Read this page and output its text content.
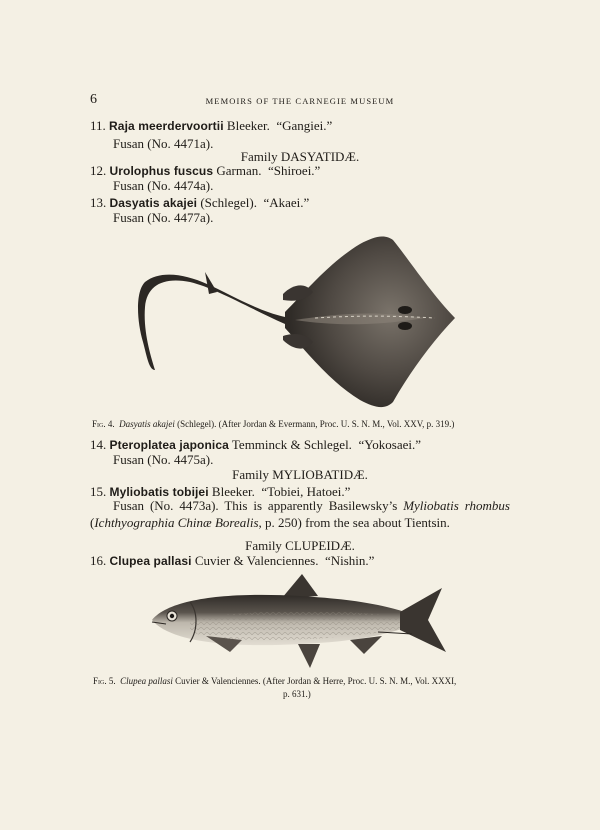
6	MEMOIRS OF THE CARNEGIE MUSEUM
11. Raja meerdervoortii Bleeker. “Gangiei.”
Fusan (No. 4471a).
Family DASYATIDÆ.
12. Urolophus fuscus Garman. “Shiroei.”
Fusan (No. 4474a).
13. Dasyatis akajei (Schlegel). “Akaei.”
Fusan (No. 4477a).
Fig. 4. Dasyatis akajei (Schlegel). (After Jordan & Evermann, Proc. U. S. N. M., Vol. XXV, p. 319.)
14. Pteroplatea japonica Temminck & Schlegel. “Yokosaei.”
Fusan (No. 4475a).
Family MYLIOBATIDÆ.
15. Myliobatis tobijei Bleeker. “Tobiei, Hatoei.”
Fusan (No. 4473a). This is apparently Basilewsky’s Myliobatis rhombus (Ichthyographia Chinæ Borealis, p. 250) from the sea about Tientsin.
Family CLUPEIDÆ.
16. Clupea pallasi Cuvier & Valenciennes. “Nishin.”
Fig. 5. Clupea pallasi Cuvier & Valenciennes. (After Jordan & Herre, Proc. U. S. N. M., Vol. XXXI,
p. 631.)
